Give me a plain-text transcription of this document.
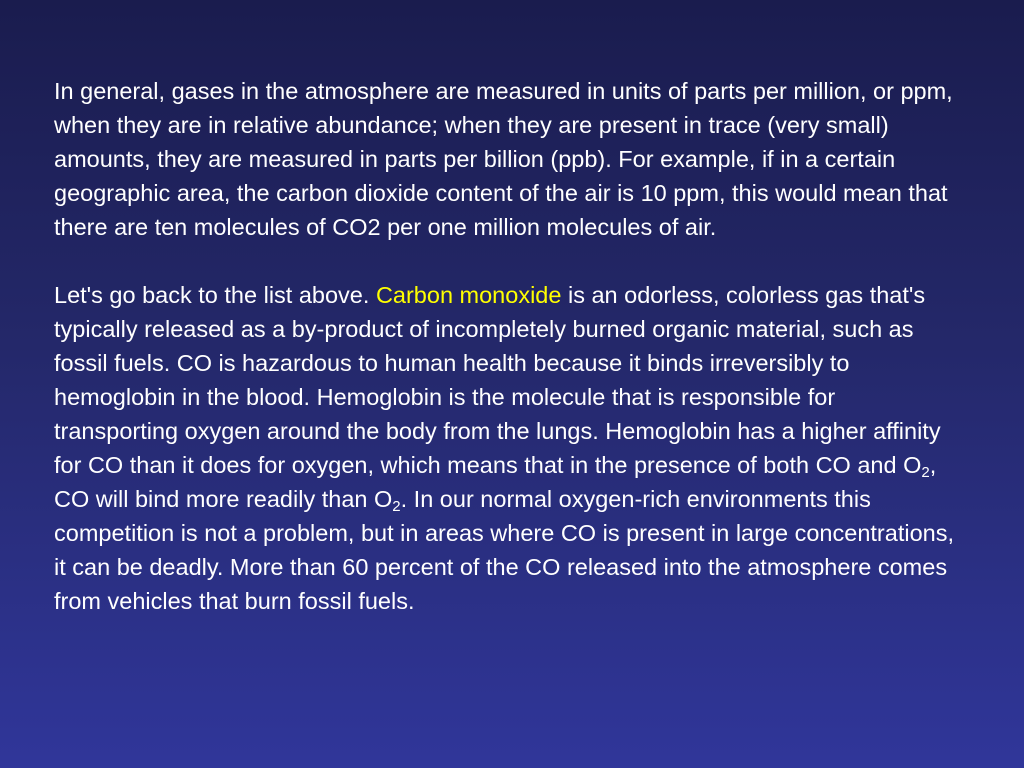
In general, gases in the atmosphere are measured in units of parts per million, or ppm, when they are in relative abundance; when they are present in trace (very small) amounts, they are measured in parts per billion (ppb). For example, if in a certain geographic area, the carbon dioxide content of the air is 10 ppm, this would mean that there are ten molecules of CO2 per one million molecules of air.

Let's go back to the list above. Carbon monoxide is an odorless, colorless gas that's typically released as a by-product of incompletely burned organic material, such as fossil fuels. CO is hazardous to human health because it binds irreversibly to hemoglobin in the blood. Hemoglobin is the molecule that is responsible for transporting oxygen around the body from the lungs. Hemoglobin has a higher affinity for CO than it does for oxygen, which means that in the presence of both CO and $O_2$, CO will bind more readily than $O_2$. In our normal oxygen-rich environments this competition is not a problem, but in areas where CO is present in large concentrations, it can be deadly. More than 60 percent of the CO released into the atmosphere comes from vehicles that burn fossil fuels.
